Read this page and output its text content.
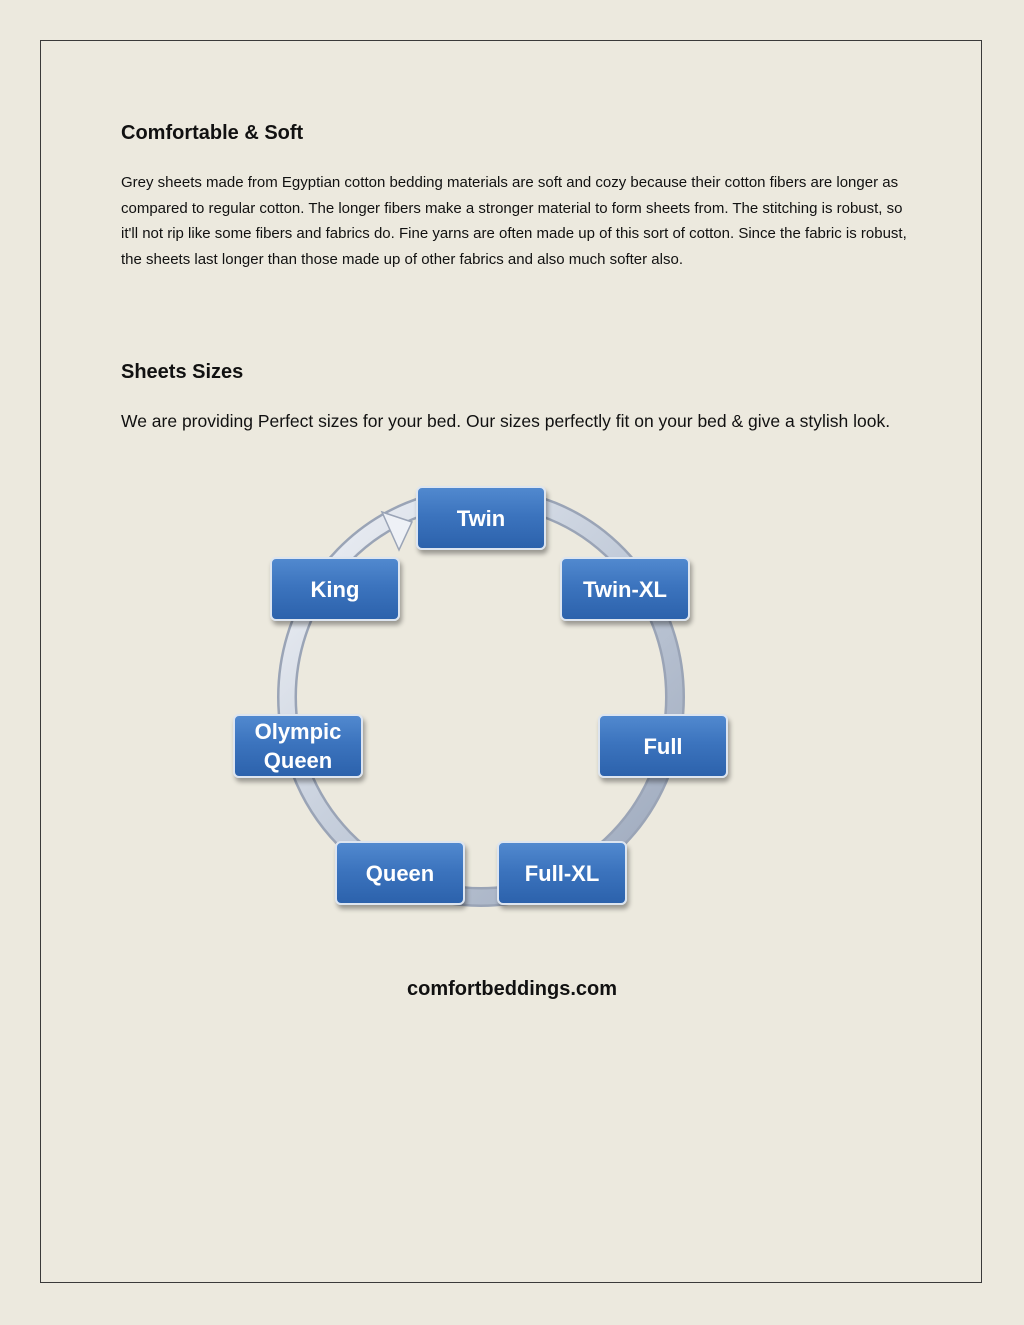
Comfortable & Soft

Grey sheets made from Egyptian cotton bedding materials are soft and cozy because their cotton fibers are longer as compared to regular cotton. The longer fibers make a stronger material to form sheets from. The stitching is robust, so it'll not rip like some fibers and fabrics do. Fine yarns are often made up of this sort of cotton. Since the fabric is robust, the sheets last longer than those made up of other fabrics and also much softer also.

Sheets Sizes

We are providing Perfect sizes for your bed. Our sizes perfectly fit on your bed & give a stylish look.

Twin
Twin-XL
Full
Full-XL
Queen
Olympic
Queen
King

comfortbeddings.com
